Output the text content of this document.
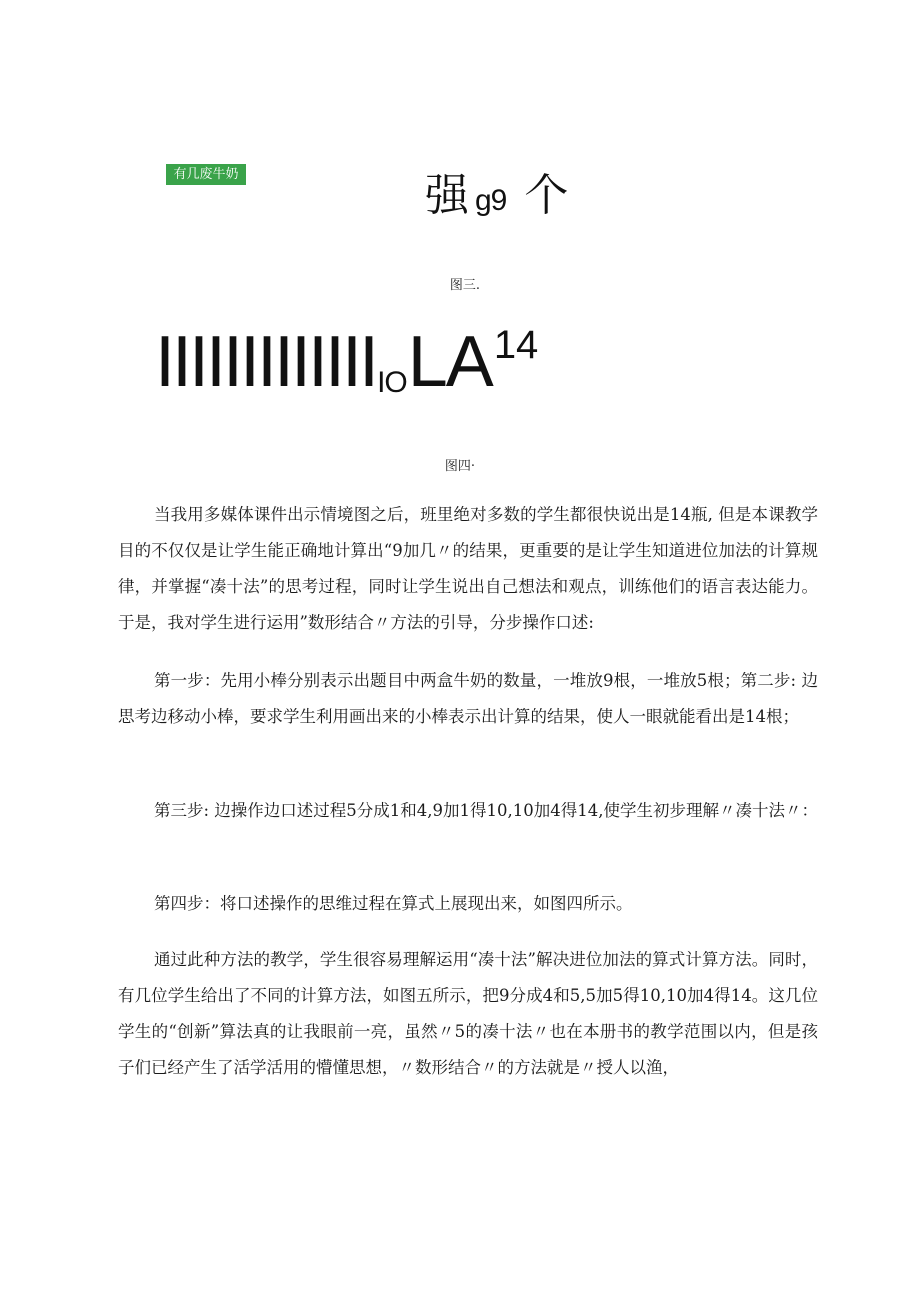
有几废牛奶	强 g9 个
图三.
IIIIIIIIIIIIIIOLA14
图四·

当我用多媒体课件出示情境图之后，班里绝对多数的学生都很快说出是14瓶, 但是本课教学目的不仅仅是让学生能正确地计算出“9加几〃的结果，更重要的是让学生知道进位加法的计算规律，并掌握“凑十法”的思考过程，同时让学生说出自己想法和观点，训练他们的语言表达能力。于是，我对学生进行运用”数形结合〃方法的引导，分步操作口述:

第一步：先用小棒分别表示出题目中两盒牛奶的数量，一堆放9根，一堆放5根；第二步: 边思考边移动小棒，要求学生利用画出来的小棒表示出计算的结果，使人一眼就能看出是14根；

第三步: 边操作边口述过程5分成1和4,9加1得10,10加4得14,使学生初步理解〃凑十法〃：

第四步：将口述操作的思维过程在算式上展现出来，如图四所示。

通过此种方法的教学，学生很容易理解运用“凑十法”解决进位加法的算式计算方法。同时，有几位学生给出了不同的计算方法，如图五所示，把9分成4和5,5加5得10,10加4得14。这几位学生的“创新”算法真的让我眼前一亮，虽然〃5的凑十法〃也在本册书的教学范围以内，但是孩子们已经产生了活学活用的懵懂思想，〃数形结合〃的方法就是〃授人以渔，
